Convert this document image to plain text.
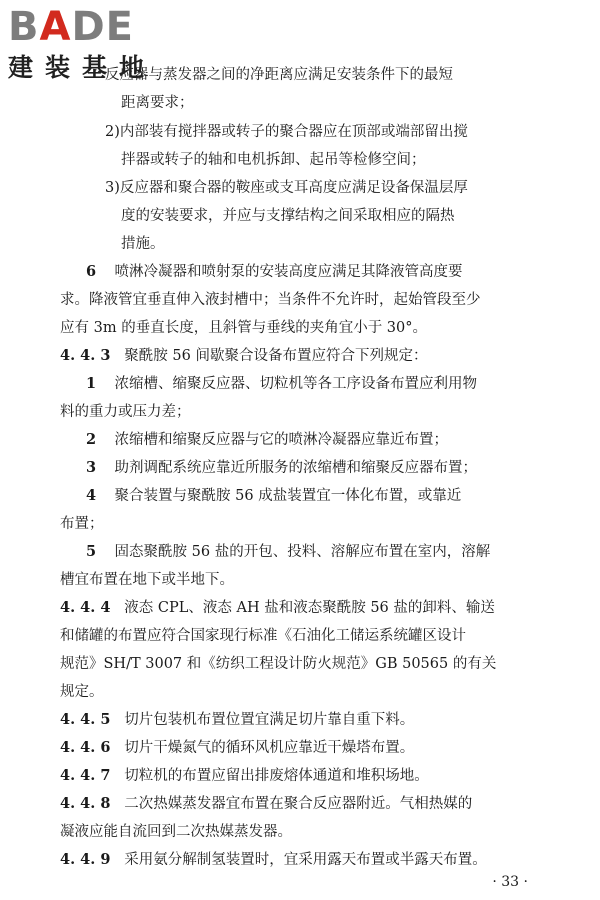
BADE
建装基地
反应器与蒸发器之间的净距离应满足安装条件下的最短
距离要求；
2)内部装有搅拌器或转子的聚合器应在顶部或端部留出搅
拌器或转子的轴和电机拆卸、起吊等检修空间；
3)反应器和聚合器的鞍座或支耳高度应满足设备保温层厚
度的安装要求，并应与支撑结构之间采取相应的隔热
措施。
6 喷淋冷凝器和喷射泵的安装高度应满足其降液管高度要
求。降液管宜垂直伸入液封槽中；当条件不允许时，起始管段至少
应有 3m 的垂直长度，且斜管与垂线的夹角宜小于 30°。
4. 4. 3 聚酰胺 56 间歇聚合设备布置应符合下列规定：
1 浓缩槽、缩聚反应器、切粒机等各工序设备布置应利用物
料的重力或压力差；
2 浓缩槽和缩聚反应器与它的喷淋冷凝器应靠近布置；
3 助剂调配系统应靠近所服务的浓缩槽和缩聚反应器布置；
4 聚合装置与聚酰胺 56 成盐装置宜一体化布置，或靠近
布置；
5 固态聚酰胺 56 盐的开包、投料、溶解应布置在室内，溶解
槽宜布置在地下或半地下。
4. 4. 4 液态 CPL、液态 AH 盐和液态聚酰胺 56 盐的卸料、输送
和储罐的布置应符合国家现行标准《石油化工储运系统罐区设计
规范》SH/T 3007 和《纺织工程设计防火规范》GB 50565 的有关
规定。
4. 4. 5 切片包装机布置位置宜满足切片靠自重下料。
4. 4. 6 切片干燥氮气的循环风机应靠近干燥塔布置。
4. 4. 7 切粒机的布置应留出排废熔体通道和堆积场地。
4. 4. 8 二次热媒蒸发器宜布置在聚合反应器附近。气相热媒的
凝液应能自流回到二次热媒蒸发器。
4. 4. 9 采用氨分解制氢装置时，宜采用露天布置或半露天布置。
· 33 ·
